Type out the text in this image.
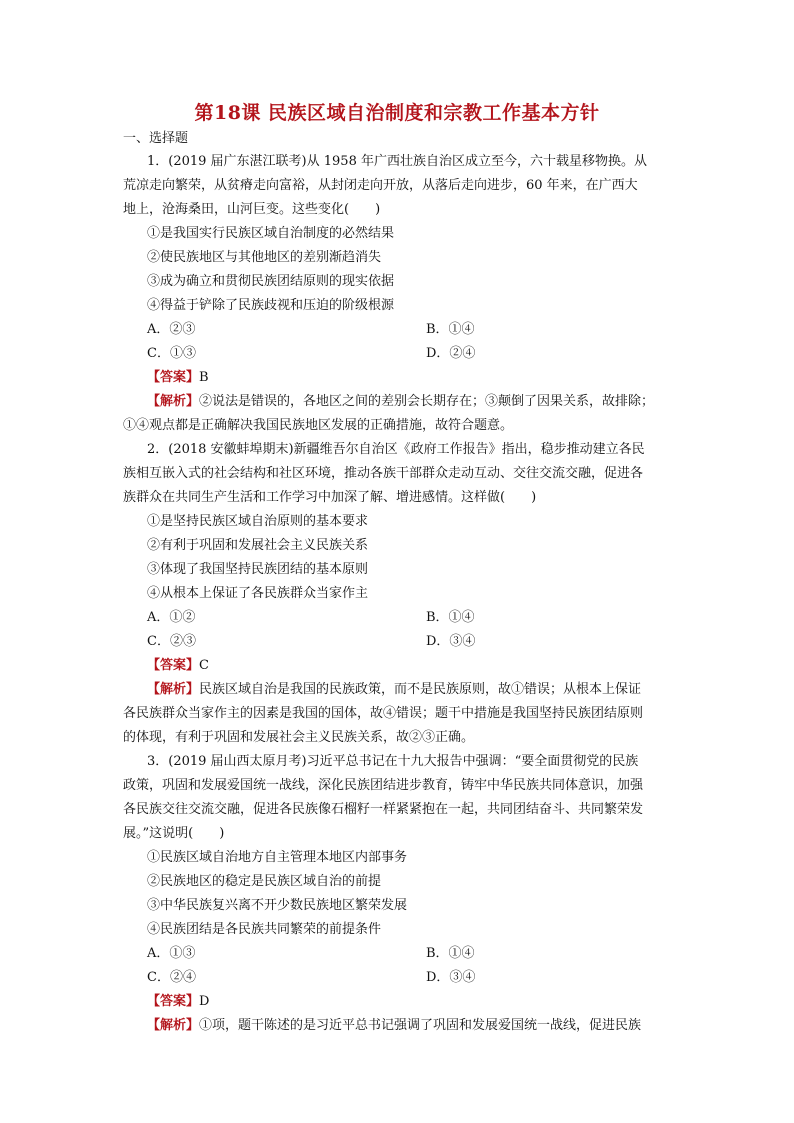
第18课 民族区域自治制度和宗教工作基本方针
一、选择题
1．(2019 届广东湛江联考)从 1958 年广西壮族自治区成立至今，六十载星移物换。从
荒凉走向繁荣，从贫瘠走向富裕，从封闭走向开放，从落后走向进步，60 年来，在广西大
地上，沧海桑田，山河巨变。这些变化(　　)
①是我国实行民族区域自治制度的必然结果
②使民族地区与其他地区的差别渐趋消失
③成为确立和贯彻民族团结原则的现实依据
④得益于铲除了民族歧视和压迫的阶级根源
A．②③	B．①④
C．①③	D．②④
【答案】B
【解析】②说法是错误的，各地区之间的差别会长期存在；③颠倒了因果关系，故排除；
①④观点都是正确解决我国民族地区发展的正确措施，故符合题意。
2．(2018 安徽蚌埠期末)新疆维吾尔自治区《政府工作报告》指出，稳步推动建立各民
族相互嵌入式的社会结构和社区环境，推动各族干部群众走动互动、交往交流交融，促进各
族群众在共同生产生活和工作学习中加深了解、增进感情。这样做(　　)
①是坚持民族区域自治原则的基本要求
②有利于巩固和发展社会主义民族关系
③体现了我国坚持民族团结的基本原则
④从根本上保证了各民族群众当家作主
A．①②	B．①④
C．②③	D．③④
【答案】C
【解析】民族区域自治是我国的民族政策，而不是民族原则，故①错误；从根本上保证
各民族群众当家作主的因素是我国的国体，故④错误；题干中措施是我国坚持民族团结原则
的体现，有利于巩固和发展社会主义民族关系，故②③正确。
3．(2019 届山西太原月考)习近平总书记在十九大报告中强调：“要全面贯彻党的民族
政策，巩固和发展爱国统一战线，深化民族团结进步教育，铸牢中华民族共同体意识，加强
各民族交往交流交融，促进各民族像石榴籽一样紧紧抱在一起，共同团结奋斗、共同繁荣发
展。”这说明(　　)
①民族区域自治地方自主管理本地区内部事务
②民族地区的稳定是民族区域自治的前提
③中华民族复兴离不开少数民族地区繁荣发展
④民族团结是各民族共同繁荣的前提条件
A．①③	B．①④
C．②④	D．③④
【答案】D
【解析】①项，题干陈述的是习近平总书记强调了巩固和发展爱国统一战线，促进民族
